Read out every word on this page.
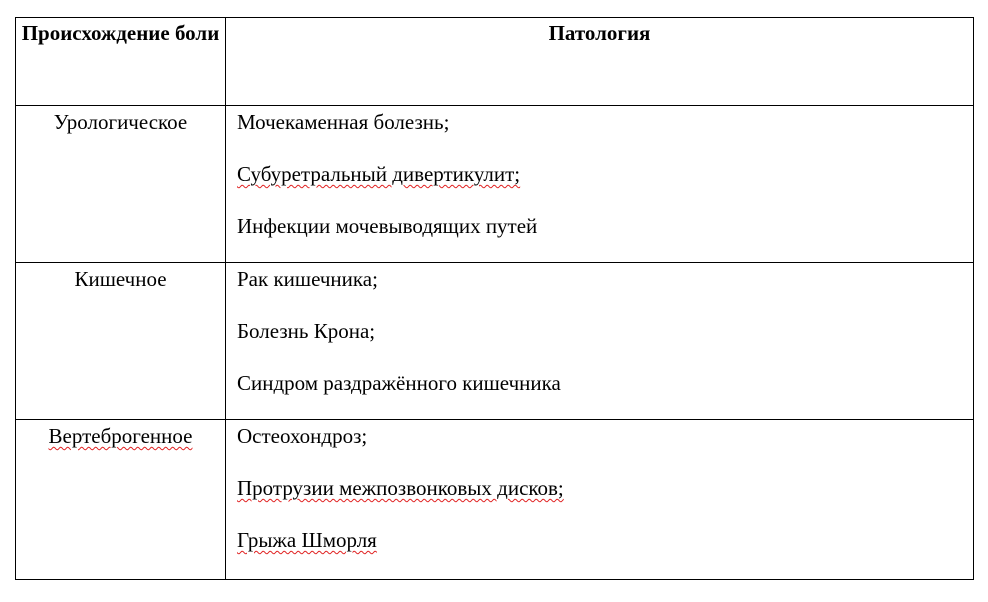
Происхождение боли	Патология
Урологическое	Мочекаменная болезнь;
Субуретральный дивертикулит;
Инфекции мочевыводящих путей

Кишечное	Рак кишечника;
Болезнь Крона;
Синдром раздражённого кишечника

Вертеброгенное	Остеохондроз;
Протрузии межпозвонковых дисков;
Грыжа Шморля
